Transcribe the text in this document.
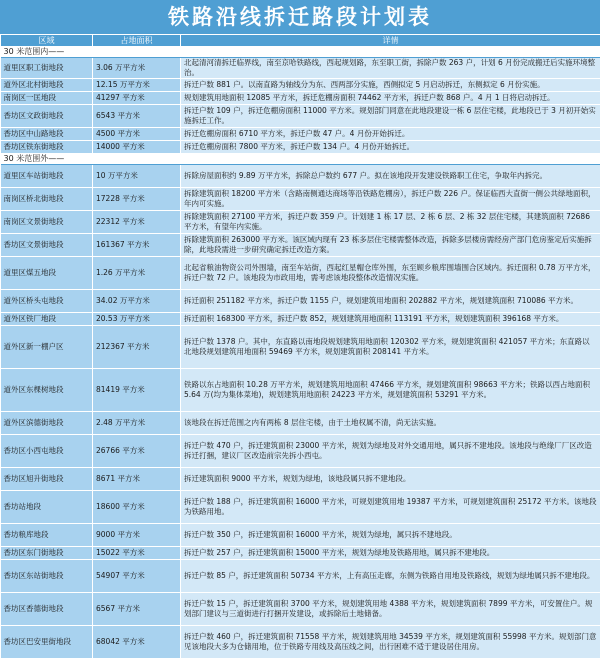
铁路沿线拆迁路段计划表
区域	占地面积	详情
30 米范围内——		
道里区职工街地段	3.06 万平方米	北起清河清拆迁临界线，南至京哈铁路线，西起规划路，东至职工街，拆除户数 263 户，计划 6 月份完成搬迁后实施环境整治。
道外区北村街地段	12.15 万平方米	拆迁户数 881 户。以南直路为轴线分为东、西两部分实施，西侧拟定 5 月启动拆迁，东侧拟定 6 月份实施。
南岗区一匡地段	41297 平方米	规划建筑用地面积 12085 平方米，拆迁危棚房面积 74462 平方米，拆迁户数 868 户。4 月 1 日将启动拆迁。
香坊区文政街地段	6543 平方米	拆迁户数 109 户，拆迁危棚房面积 11000 平方米。规划部门同意在此地段建设一栋 6 层住宅楼，此地段已于 3 月初开始实施拆迁工作。
香坊区中山路地段	4500 平方米	拆迁危棚房面积 6710 平方米，拆迁户数 47 户。4 月份开始拆迁。
香坊区铁东街地段	14000 平方米	拆迁危棚房面积 7800 平方米，拆迁户数 134 户。4 月份开始拆迁。
30 米范围外——		
道里区车站街地段	10 万平方米	拆除房屋面积约 9.89 万平方米，拆除总户数约 677 户。拟在该地段开发建设铁路职工住宅，争取年内拆完。
南岗区桥北街地段	17228 平方米	拆除建筑面积 18200 平方米（含路南侧通达商场等沿铁路危棚房），拆迁户数 226 户。保证临西大直街一侧公共绿地面积，年内可实施。
南岗区文景街地段	22312 平方米	拆除建筑面积 27100 平方米，拆迁户数 359 户。计划建 1 栋 17 层、2 栋 6 层、2 栋 32 层住宅楼，其建筑面积 72686 平方米，有望年内实施。
香坊区文景街地段	161367 平方米	拆除建筑面积 263000 平方米。该区域内现有 23 栋多层住宅楼需整体改造，拆除多层楼房需经房产部门危房鉴定后实施拆除，此地段需进一步研究确定拆迁改造方案。
道里区煤五地段	1.26 万平方米	北起省粮油物资公司外围墙，南至车站街，西起红星帽仓库外围，东至顾乡粮库围墙围合区域内。拆迁面积 0.78 万平方米，拆迁户数 72 户。该地段为市政用地，需考虑该地段整体改造情况实施。
道外区桥头屯地段	34.02 万平方米	拆迁面积 251182 平方米，拆迁户数 1155 户，规划建筑用地面积 202882 平方米，规划建筑面积 710086 平方米。
道外区铁厂地段	20.53 万平方米	拆迁面积 168300 平方米，拆迁户数 852，规划建筑用地面积 113191 平方米，规划建筑面积 396168 平方米。
道外区新一棚户区	212367 平方米	拆迁户数 1378 户。其中，东直路以南地段规划建筑用地面积 120302 平方米，规划建筑面积 421057 平方米；东直路以北地段规划建筑用地面积 59469 平方米，规划建筑面积 208141 平方米。
道外区东棵树地段	81419 平方米	铁路以东占地面积 10.28 万平方米，规划建筑用地面积 47466 平方米，规划建筑面积 98663 平方米；铁路以西占地面积 5.64 万(均为集体菜地)，规划建筑用地面积 24223 平方米，规划建筑面积 53291 平方米。
道外区滨德街地段	2.48 万平方米	该地段在拆迁范围之内有两栋 8 层住宅楼，由于土地权属不清，尚无法实施。
香坊区小西屯地段	26766 平方米	拆迁户数 470 户，拆迁建筑面积 23000 平方米，规划为绿地及对外交通用地，属只拆不建地段。该地段与绝缘厂厂区改造拆迁打捆，建议厂区改造前宗先拆小西屯。
香坊区旭升街地段	8671 平方米	拆迁建筑面积 9000 平方米，规划为绿地，该地段属只拆不建地段。
香坊站地段	18600 平方米	拆迁户数 188 户，拆迁建筑面积 16000 平方米，可规划建筑用地 19387 平方米，可规划建筑面积 25172 平方米。该地段为铁路用地。
香坊粮库地段	9000 平方米	拆迁户数 350 户，拆迁建筑面积 16000 平方米，规划为绿地，属只拆不建地段。
香坊区东门街地段	15022 平方米	拆迁户数 257 户，拆迁建筑面积 15000 平方米，规划为绿地及铁路用地，属只拆不建地段。
香坊区东站街地段	54907 平方米	拆迁户数 85 户，拆迁建筑面积 50734 平方米，上有高压走廊，东侧为铁路自用地及铁路线，规划为绿地属只拆不建地段。
香坊区香德街地段	6567 平方米	拆迁户数 15 户，拆迁建筑面积 3700 平方米，规划建筑用地 4388 平方米，规划建筑面积 7899 平方米，可安置住户。规划部门建议与三道街进行打捆开发建设，或拆除后土地储备。
香坊区巴安里街地段	68042 平方米	拆迁户数 460 户，拆迁建筑面积 71558 平方米，规划建筑用地 34539 平方米，规划建筑面积 55998 平方米。规划部门意见该地段大多为仓储用地，位于铁路专用线及高压线之间，出行困难不适于建设居住用房。
